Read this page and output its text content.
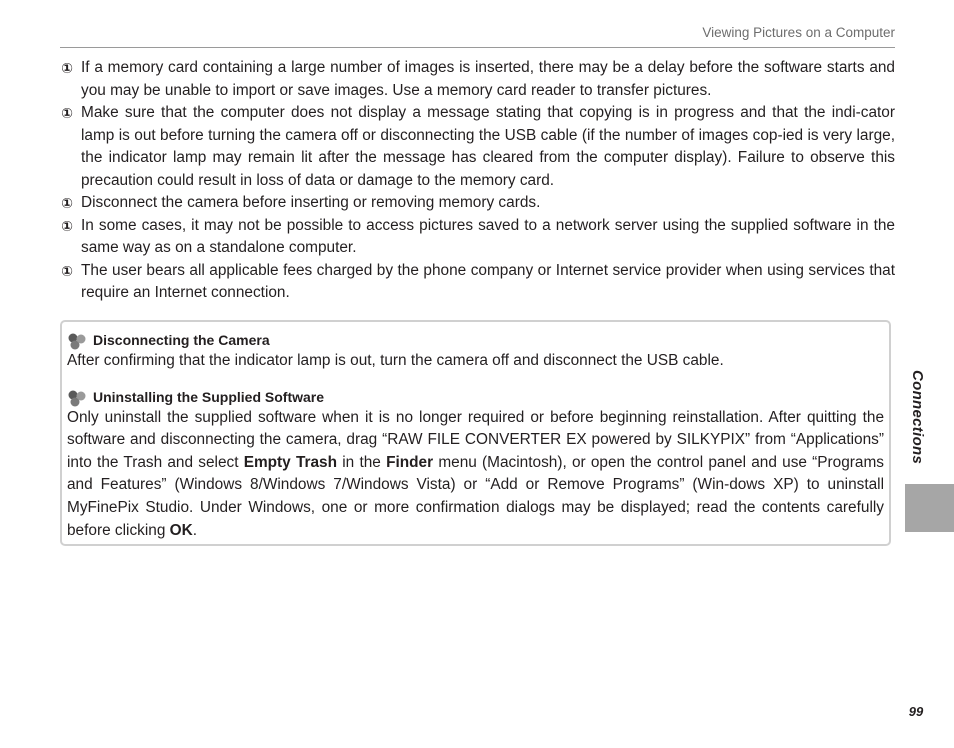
Viewing Pictures on a Computer

① If a memory card containing a large number of images is inserted, there may be a delay before the software starts and you may be unable to import or save images. Use a memory card reader to transfer pictures.

① Make sure that the computer does not display a message stating that copying is in progress and that the indi-cator lamp is out before turning the camera off or disconnecting the USB cable (if the number of images cop-ied is very large, the indicator lamp may remain lit after the message has cleared from the computer display). Failure to observe this precaution could result in loss of data or damage to the memory card.

① Disconnect the camera before inserting or removing memory cards.

① In some cases, it may not be possible to access pictures saved to a network server using the supplied software in the same way as on a standalone computer.

① The user bears all applicable fees charged by the phone company or Internet service provider when using services that require an Internet connection.

Disconnecting the Camera

After confirming that the indicator lamp is out, turn the camera off and disconnect the USB cable.

Uninstalling the Supplied Software

Only uninstall the supplied software when it is no longer required or before beginning reinstallation. After quitting the software and disconnecting the camera, drag “RAW FILE CONVERTER EX powered by SILKYPIX” from “Applications” into the Trash and select Empty Trash in the Finder menu (Macintosh), or open the control panel and use “Programs and Features” (Windows 8/Windows 7/Windows Vista) or “Add or Remove Programs” (Win-dows XP) to uninstall MyFinePix Studio. Under Windows, one or more confirmation dialogs may be displayed; read the contents carefully before clicking OK.

Connections
99
